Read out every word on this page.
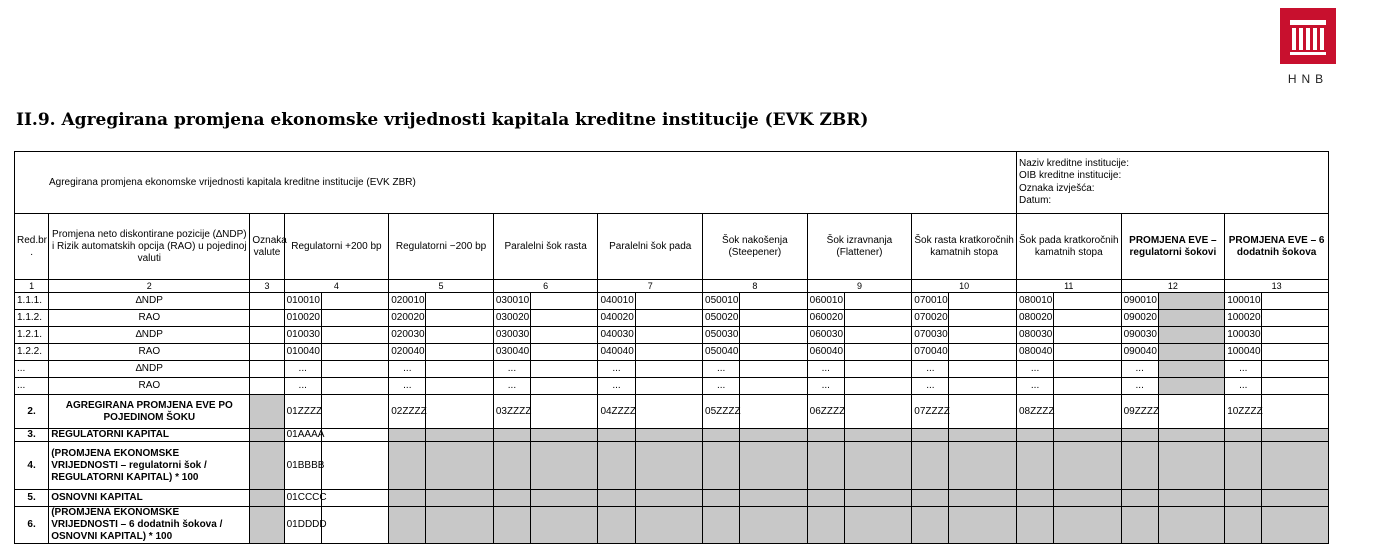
HNB
II.9. Agregirana promjena ekonomske vrijednosti kapitala kreditne institucije (EVK ZBR)
Agregirana promjena ekonomske vrijednosti kapitala kreditne institucije (EVK ZBR)																	Naziv kreditne institucije:
OIB kreditne institucije:
Oznaka izvješća:
Datum:					

Red.br .	Promjena neto diskontirane pozicije (∆NDP) i Rizik automatskih opcija (RAO) u pojedinoj valuti	Oznaka valute	Regulatorni +200 bp		Regulatorni −200 bp		Paralelni šok rasta		Paralelni šok pada		Šok nakošenja (Steepener)		Šok izravnanja (Flattener)		Šok rasta kratkoročnih kamatnih stopa		Šok pada kratkoročnih kamatnih stopa		PROMJENA EVE – regulatorni šokovi		PROMJENA EVE – 6 dodatnih šokova	
1	2	3	4		5		6		7		8		9		10		11		12		13	
1.1.1.	∆NDP		010010		020010		030010		040010		050010		060010		070010		080010		090010		100010	
1.1.2.	RAO		010020		020020		030020		040020		050020		060020		070020		080020		090020		100020	
1.2.1.	∆NDP		010030		020030		030030		040030		050030		060030		070030		080030		090030		100030	
1.2.2.	RAO		010040		020040		030040		040040		050040		060040		070040		080040		090040		100040	
...	∆NDP		...		...		...		...		...		...		...		...		...		...	
...	RAO		...		...		...		...		...		...		...		...		...		...	
2.	AGREGIRANA PROMJENA EVE PO POJEDINOM ŠOKU		01ZZZZ		02ZZZZ		03ZZZZ		04ZZZZ		05ZZZZ		06ZZZZ		07ZZZZ		08ZZZZ		09ZZZZ		10ZZZZ	
3.	REGULATORNI KAPITAL		01AAAA																			
4.	(PROMJENA EKONOMSKE VRIJEDNOSTI – regulatorni šok / REGULATORNI KAPITAL) * 100		01BBBB																			
5.	OSNOVNI KAPITAL		01CCCC																			
6.	(PROMJENA EKONOMSKE VRIJEDNOSTI – 6 dodatnih šokova / OSNOVNI KAPITAL) * 100		01DDDD																			
